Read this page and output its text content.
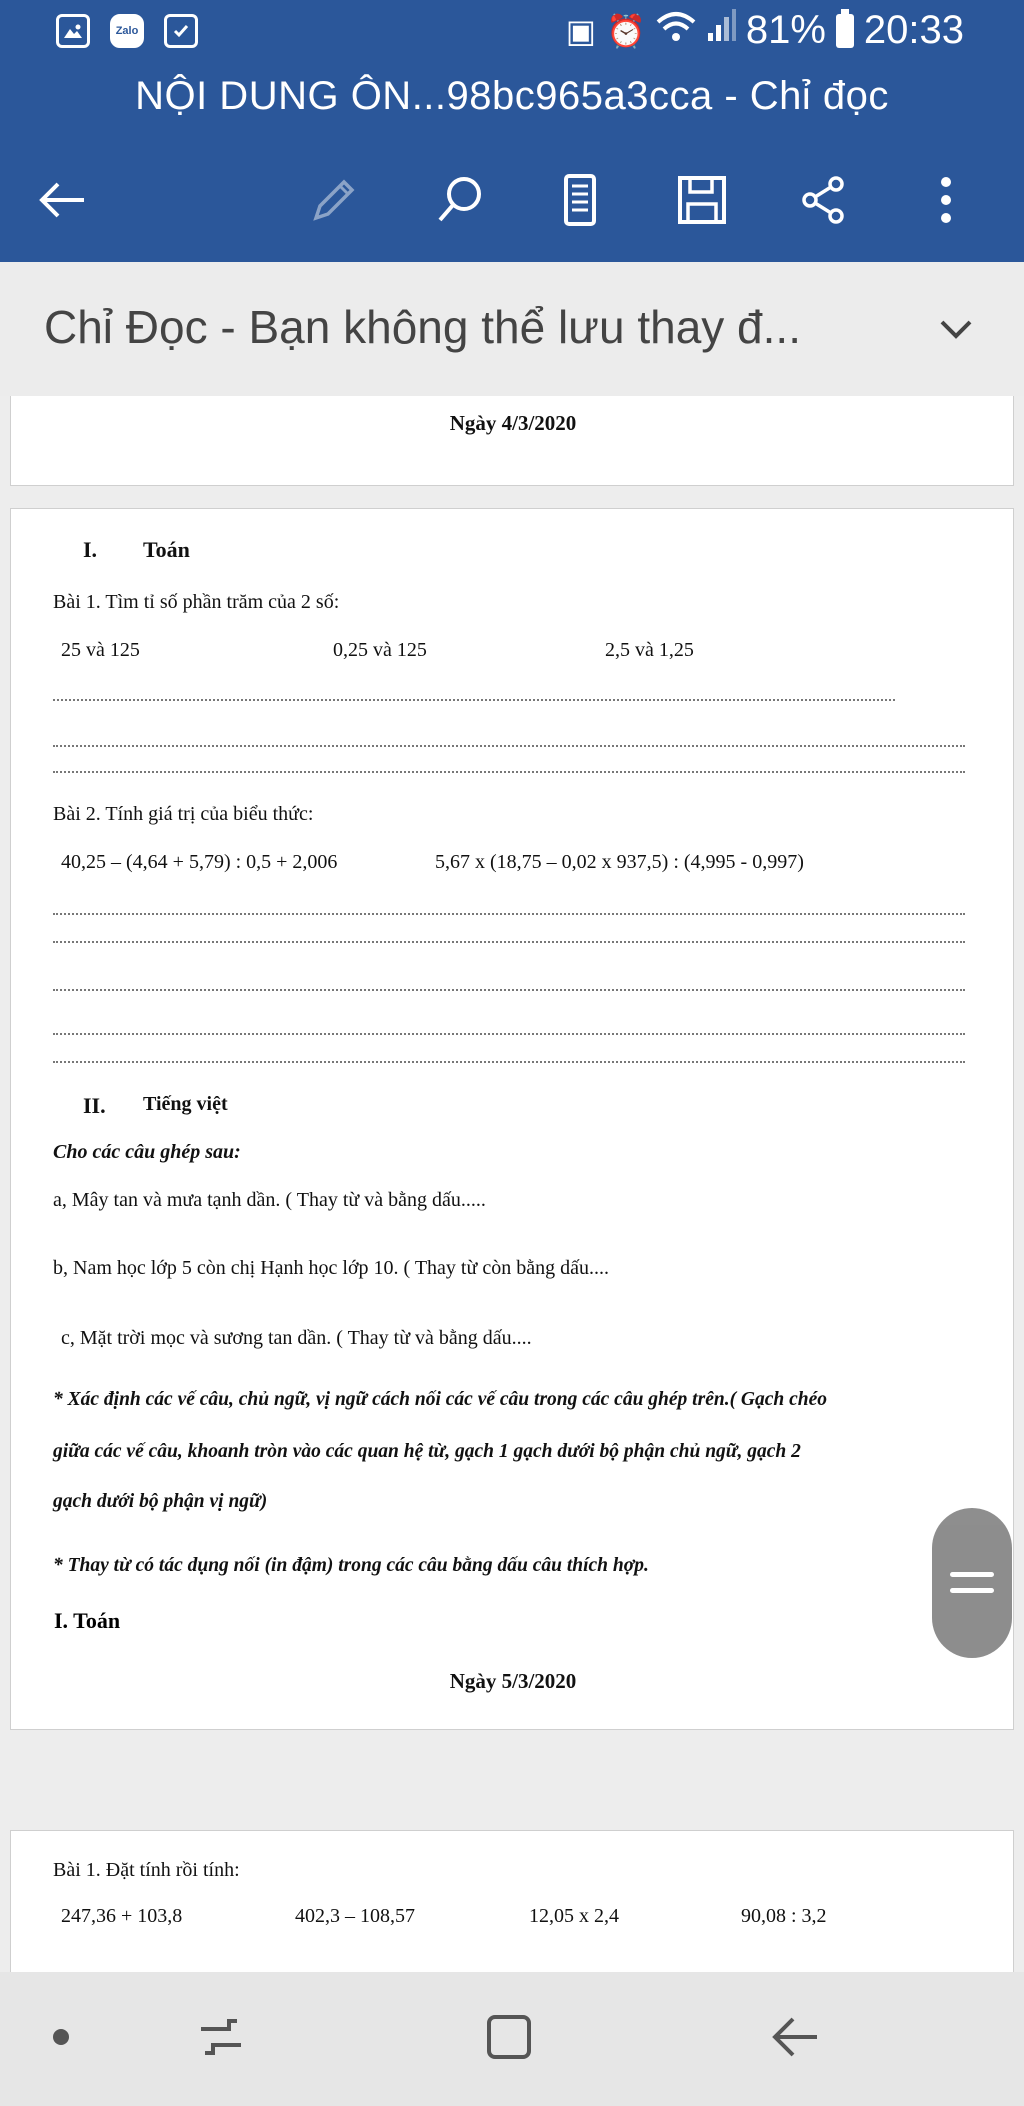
Zalo	▣ ⏰	81% 20:33
NỘI DUNG ÔN...98bc965a3cca - Chỉ đọc
Chỉ Đọc - Bạn không thể lưu thay đ...
Ngày 4/3/2020
I. Toán
Bài 1. Tìm tỉ số phần trăm của 2 số:
25 và 125	0,25 và 125	2,5 và 1,25
Bài 2. Tính giá trị của biểu thức:
40,25 – (4,64 + 5,79) : 0,5 + 2,006	5,67 x (18,75 – 0,02 x 937,5) : (4,995 - 0,997)
II. Tiếng việt
Cho các câu ghép sau:
a, Mây tan và mưa tạnh dần. ( Thay từ và bằng dấu.....
b, Nam học lớp 5 còn chị Hạnh học lớp 10. ( Thay từ còn bằng dấu....
c, Mặt trời mọc và sương tan dần. ( Thay từ và bằng dấu....
* Xác định các vế câu, chủ ngữ, vị ngữ cách nối các vế câu trong các câu ghép trên.( Gạch chéo
giữa các vế câu, khoanh tròn vào các quan hệ từ, gạch 1 gạch dưới bộ phận chủ ngữ, gạch 2
gạch dưới bộ phận vị ngữ)
* Thay từ có tác dụng nối (in đậm) trong các câu bằng dấu câu thích hợp.
Ngày 5/3/2020
I. Toán
Bài 1. Đặt tính rồi tính:
247,36 + 103,8	402,3 – 108,57	12,05 x 2,4	90,08 : 3,2
